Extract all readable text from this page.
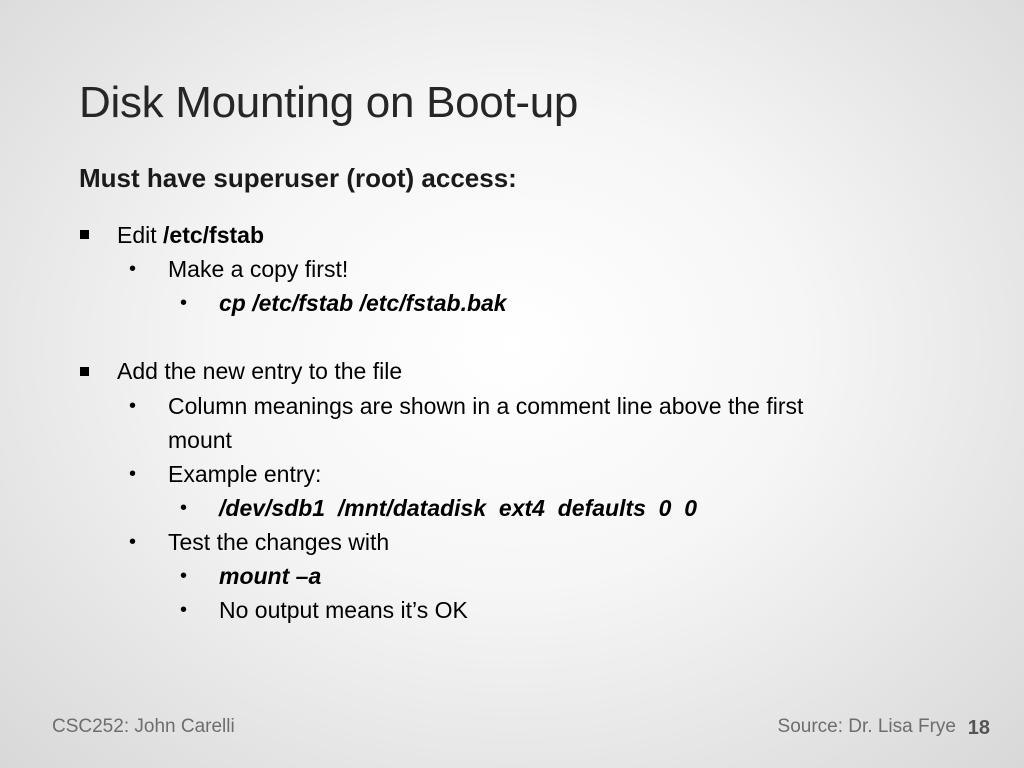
Disk Mounting on Boot-up
Must have superuser (root) access:
Edit /etc/fstab
• Make a copy first!
• cp /etc/fstab /etc/fstab.bak
Add the new entry to the file
• Column meanings are shown in a comment line above the first
mount
• Example entry:
• /dev/sdb1  /mnt/datadisk  ext4  defaults  0  0
• Test the changes with
• mount –a
• No output means it’s OK
CSC252: John Carelli	Source: Dr. Lisa Frye 18
